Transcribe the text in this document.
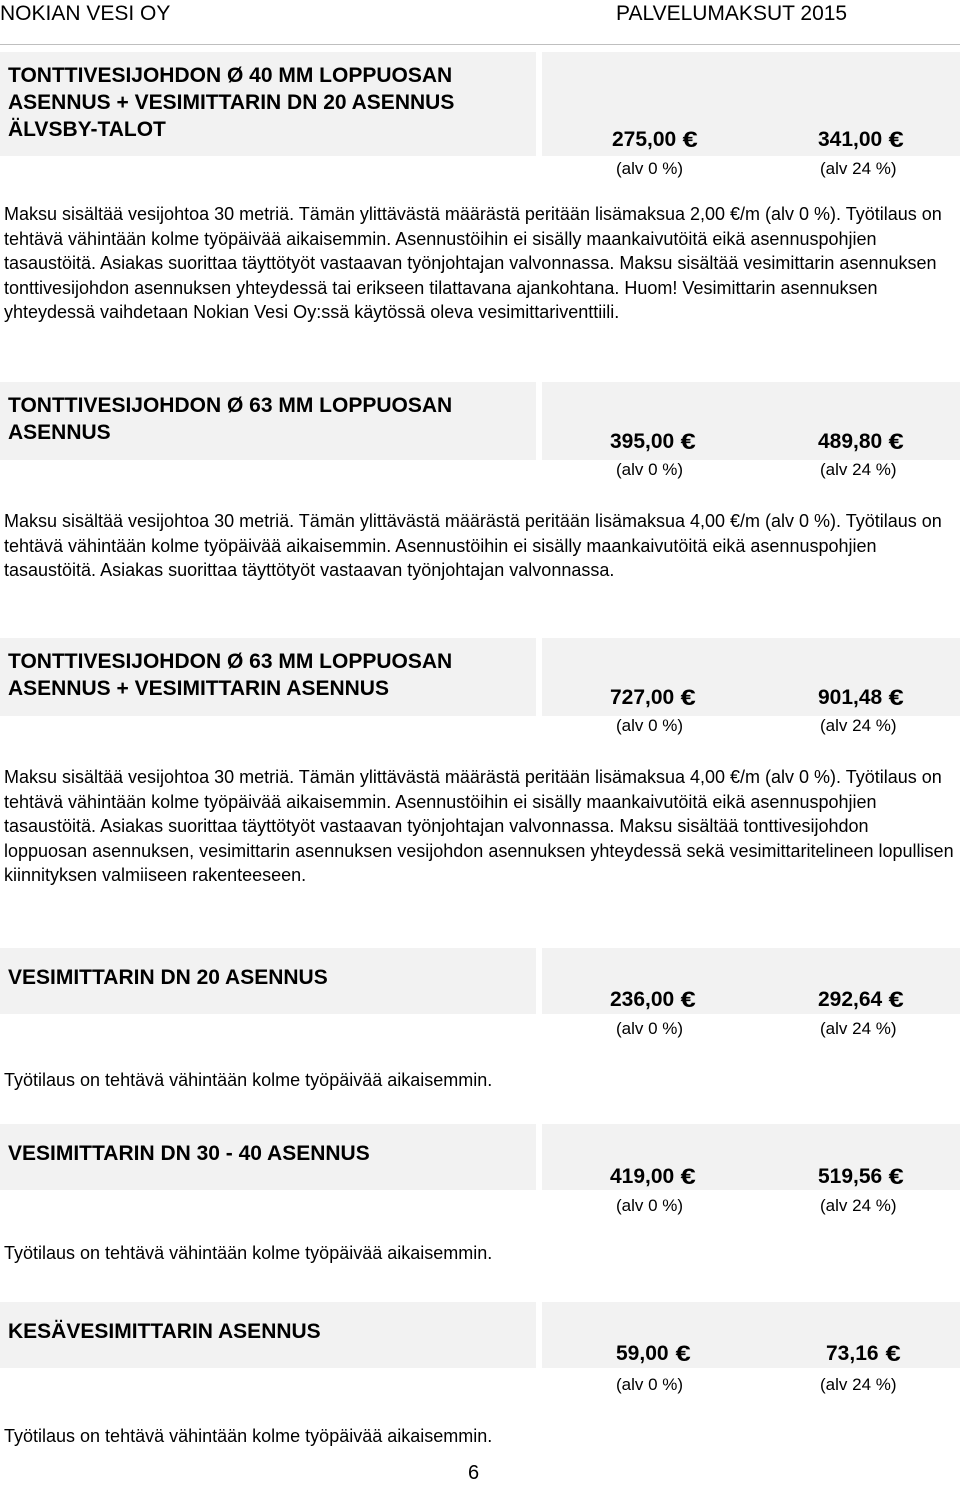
NOKIAN VESI OY	PALVELUMAKSUT 2015
TONTTIVESIJOHDON Ø 40 MM LOPPUOSAN
ASENNUS + VESIMITTARIN DN 20 ASENNUS
ÄLVSBY-TALOT	275,00 €	341,00 €
(alv 0 %)	(alv 24 %)

Maksu sisältää vesijohtoa 30 metriä. Tämän ylittävästä määrästä peritään lisämaksua 2,00 €/m (alv 0 %). Työtilaus on tehtävä vähintään kolme työpäivää aikaisemmin. Asennustöihin ei sisälly maankaivutöitä eikä asennuspohjien tasaustöitä. Asiakas suorittaa täyttötyöt vastaavan työnjohtajan valvonnassa. Maksu sisältää vesimittarin asennuksen tonttivesijohdon asennuksen yhteydessä tai erikseen tilattavana ajankohtana. Huom! Vesimittarin asennuksen yhteydessä vaihdetaan Nokian Vesi Oy:ssä käytössä oleva vesimittariventtiili.

TONTTIVESIJOHDON Ø 63 MM LOPPUOSAN
ASENNUS	395,00 €	489,80 €
(alv 0 %)	(alv 24 %)

Maksu sisältää vesijohtoa 30 metriä. Tämän ylittävästä määrästä peritään lisämaksua 4,00 €/m (alv 0 %). Työtilaus on tehtävä vähintään kolme työpäivää aikaisemmin. Asennustöihin ei sisälly maankaivutöitä eikä asennuspohjien tasaustöitä. Asiakas suorittaa täyttötyöt vastaavan työnjohtajan valvonnassa.

TONTTIVESIJOHDON Ø 63 MM LOPPUOSAN
ASENNUS + VESIMITTARIN ASENNUS	727,00 €	901,48 €
(alv 0 %)	(alv 24 %)

Maksu sisältää vesijohtoa 30 metriä. Tämän ylittävästä määrästä peritään lisämaksua 4,00 €/m (alv 0 %). Työtilaus on tehtävä vähintään kolme työpäivää aikaisemmin. Asennustöihin ei sisälly maankaivutöitä eikä asennuspohjien tasaustöitä. Asiakas suorittaa täyttötyöt vastaavan työnjohtajan valvonnassa. Maksu sisältää tonttivesijohdon loppuosan asennuksen, vesimittarin asennuksen vesijohdon asennuksen yhteydessä sekä vesimittaritelineen lopullisen kiinnityksen valmiiseen rakenteeseen.

VESIMITTARIN DN 20 ASENNUS
236,00 €	292,64 €
(alv 0 %)	(alv 24 %)

Työtilaus on tehtävä vähintään kolme työpäivää aikaisemmin.

VESIMITTARIN DN 30 - 40 ASENNUS
419,00 €	519,56 €
(alv 0 %)	(alv 24 %)

Työtilaus on tehtävä vähintään kolme työpäivää aikaisemmin.

KESÄVESIMITTARIN ASENNUS
59,00 €	73,16 €
(alv 0 %)	(alv 24 %)

Työtilaus on tehtävä vähintään kolme työpäivää aikaisemmin.

6
